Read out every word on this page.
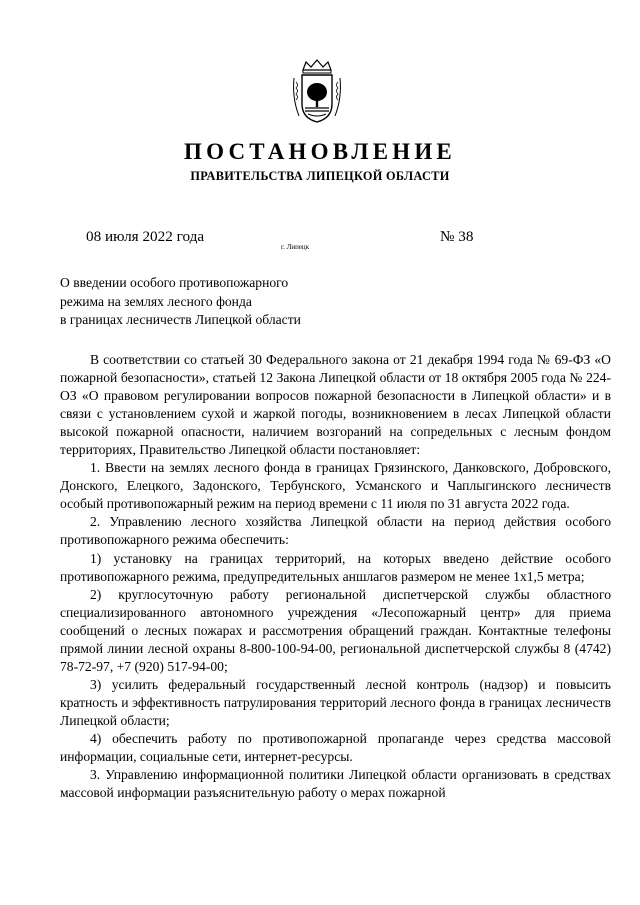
ПОСТАНОВЛЕНИЕ
ПРАВИТЕЛЬСТВА ЛИПЕЦКОЙ ОБЛАСТИ
08 июля 2022 года
г. Липецк
№ 38
О введении особого противопожарного
режима на землях лесного фонда
в границах лесничеств Липецкой области

В соответствии со статьей 30 Федерального закона от 21 декабря 1994 года № 69-ФЗ «О пожарной безопасности», статьей 12 Закона Липецкой области от 18 октября 2005 года № 224-ОЗ «О правовом регулировании вопросов пожарной безопасности в Липецкой области» и в связи с установлением сухой и жаркой погоды, возникновением в лесах Липецкой области высокой пожарной опасности, наличием возгораний на сопредельных с лесным фондом территориях, Правительство Липецкой области постановляет:

1. Ввести на землях лесного фонда в границах Грязинского, Данковского, Добровского, Донского, Елецкого, Задонского, Тербунского, Усманского и Чаплыгинского лесничеств особый противопожарный режим на период времени с 11 июля по 31 августа 2022 года.

2. Управлению лесного хозяйства Липецкой области на период действия особого противопожарного режима обеспечить:

1) установку на границах территорий, на которых введено действие особого противопожарного режима, предупредительных аншлагов размером не менее 1х1,5 метра;

2) круглосуточную работу региональной диспетчерской службы областного специализированного автономного учреждения «Лесопожарный центр» для приема сообщений о лесных пожарах и рассмотрения обращений граждан. Контактные телефоны прямой линии лесной охраны 8-800-100-94-00, региональной диспетчерской службы 8 (4742) 78-72-97, +7 (920) 517-94-00;

3) усилить федеральный государственный лесной контроль (надзор) и повысить кратность и эффективность патрулирования территорий лесного фонда в границах лесничеств Липецкой области;

4) обеспечить работу по противопожарной пропаганде через средства массовой информации, социальные сети, интернет-ресурсы.

3. Управлению информационной политики Липецкой области организовать в средствах массовой информации разъяснительную работу о мерах пожарной
